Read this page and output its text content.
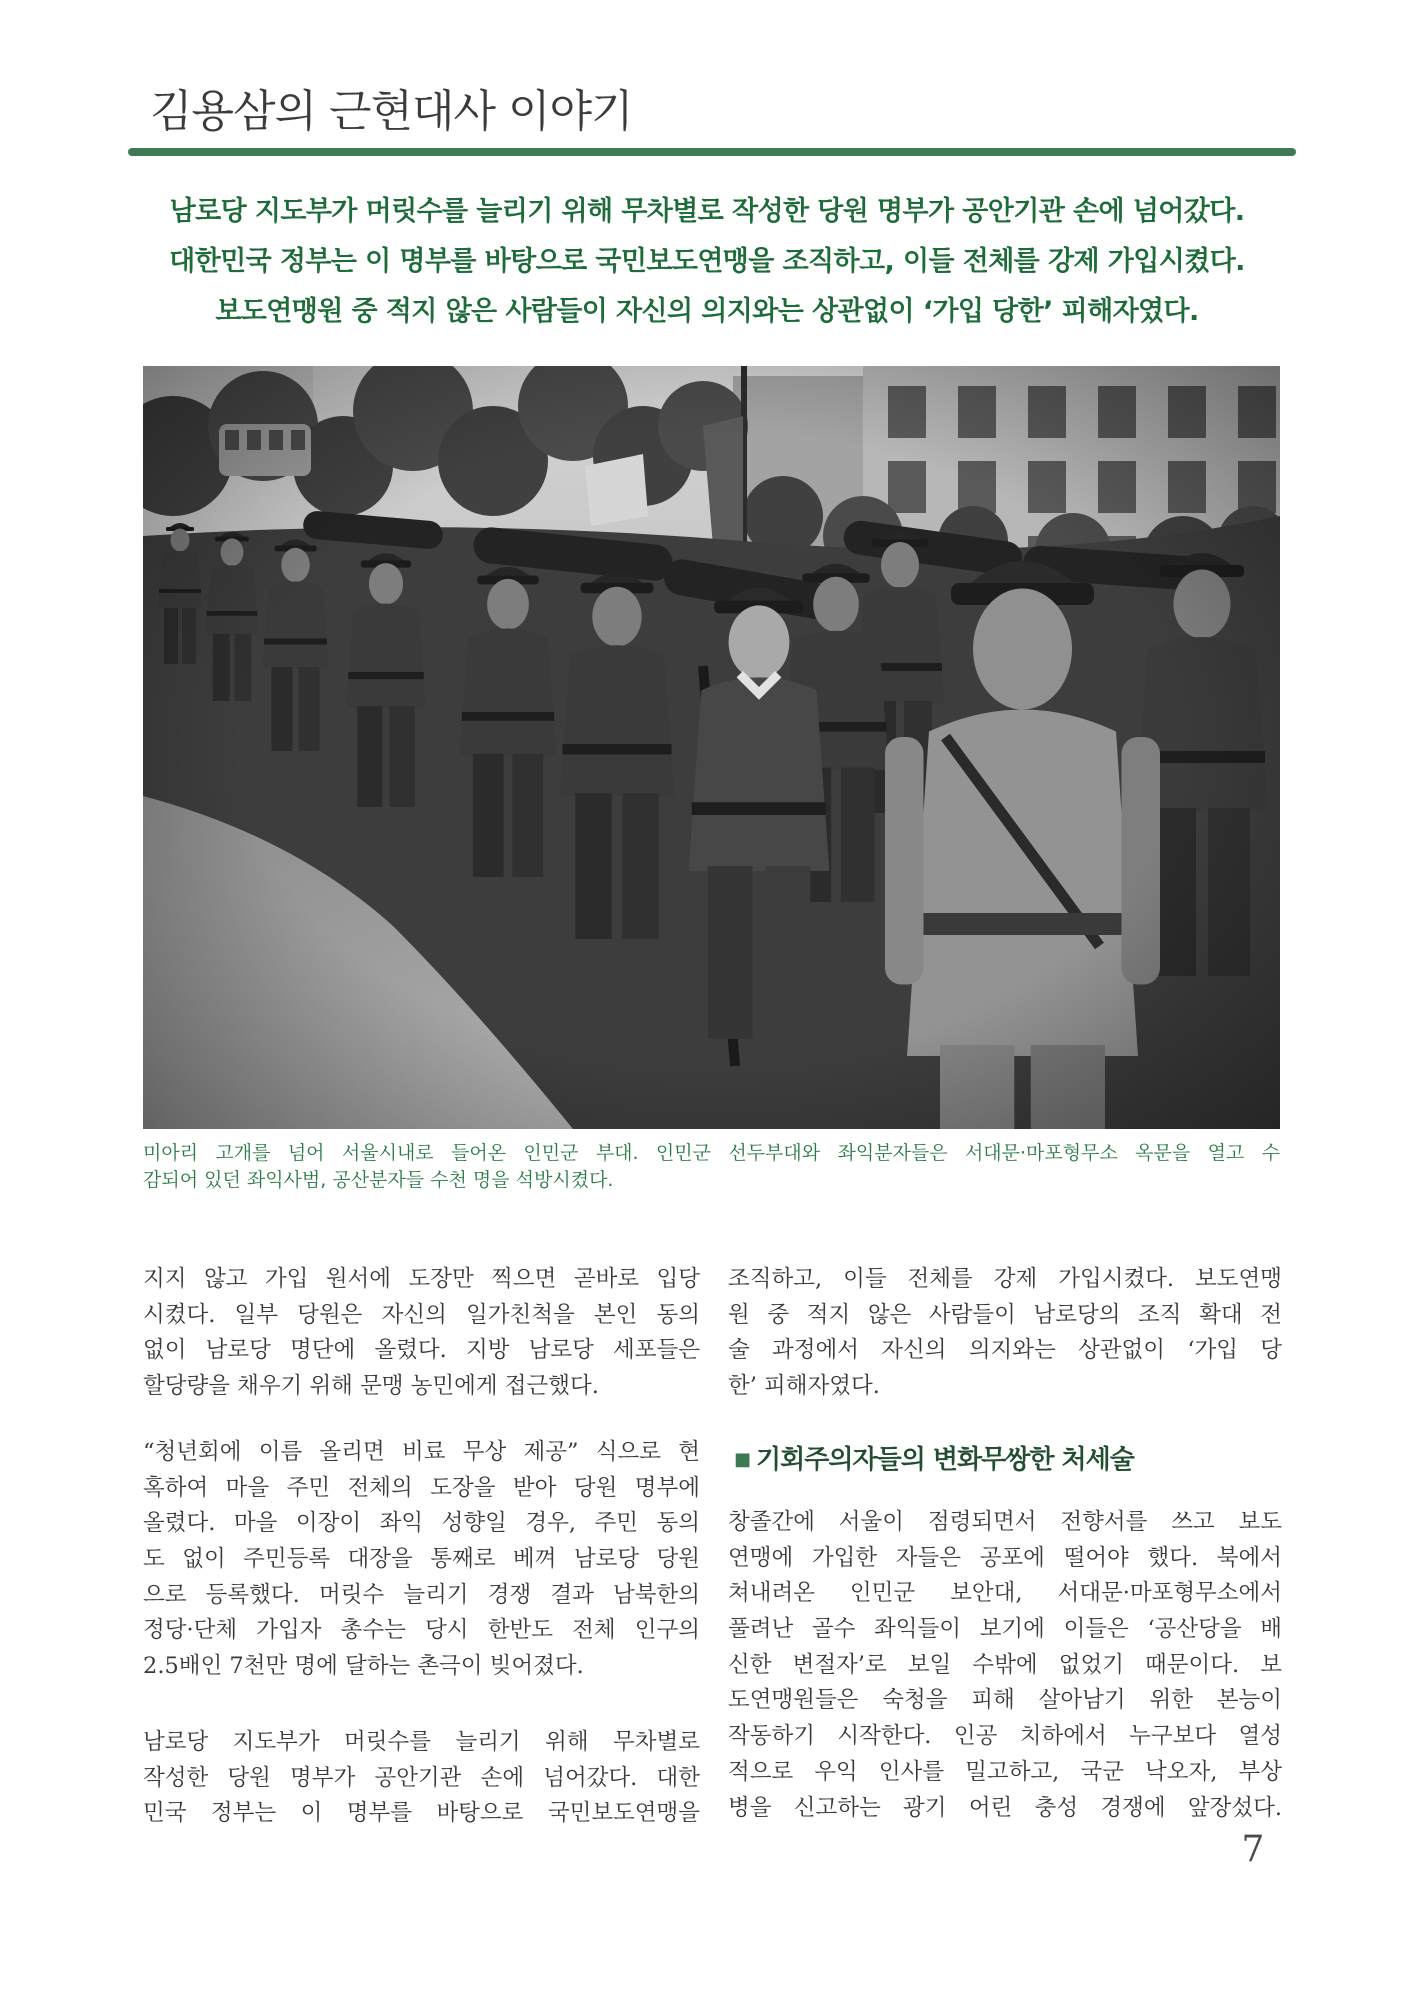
김용삼의 근현대사 이야기
남로당 지도부가 머릿수를 늘리기 위해 무차별로 작성한 당원 명부가 공안기관 손에 넘어갔다.
대한민국 정부는 이 명부를 바탕으로 국민보도연맹을 조직하고, 이들 전체를 강제 가입시켰다.
보도연맹원 중 적지 않은 사람들이 자신의 의지와는 상관없이 ‘가입 당한’ 피해자였다.
미아리 고개를 넘어 서울시내로 들어온 인민군 부대. 인민군 선두부대와 좌익분자들은 서대문·마포형무소 옥문을 열고 수
감되어 있던 좌익사범, 공산분자들 수천 명을 석방시켰다.
지지 않고 가입 원서에 도장만 찍으면 곧바로 입당
시켰다. 일부 당원은 자신의 일가친척을 본인 동의
없이 남로당 명단에 올렸다. 지방 남로당 세포들은
할당량을 채우기 위해 문맹 농민에게 접근했다.
“청년회에 이름 올리면 비료 무상 제공” 식으로 현
혹하여 마을 주민 전체의 도장을 받아 당원 명부에
올렸다. 마을 이장이 좌익 성향일 경우, 주민 동의
도 없이 주민등록 대장을 통째로 베껴 남로당 당원
으로 등록했다. 머릿수 늘리기 경쟁 결과 남북한의
정당·단체 가입자 총수는 당시 한반도 전체 인구의
2.5배인 7천만 명에 달하는 촌극이 빚어졌다.
남로당 지도부가 머릿수를 늘리기 위해 무차별로
작성한 당원 명부가 공안기관 손에 넘어갔다. 대한
민국 정부는 이 명부를 바탕으로 국민보도연맹을
조직하고, 이들 전체를 강제 가입시켰다. 보도연맹
원 중 적지 않은 사람들이 남로당의 조직 확대 전
술 과정에서 자신의 의지와는 상관없이 ‘가입 당
한’ 피해자였다.
■ 기회주의자들의 변화무쌍한 처세술
창졸간에 서울이 점령되면서 전향서를 쓰고 보도
연맹에 가입한 자들은 공포에 떨어야 했다. 북에서
쳐내려온 인민군 보안대, 서대문·마포형무소에서
풀려난 골수 좌익들이 보기에 이들은 ‘공산당을 배
신한 변절자’로 보일 수밖에 없었기 때문이다. 보
도연맹원들은 숙청을 피해 살아남기 위한 본능이
작동하기 시작한다. 인공 치하에서 누구보다 열성
적으로 우익 인사를 밀고하고, 국군 낙오자, 부상
병을 신고하는 광기 어린 충성 경쟁에 앞장섰다.
7
